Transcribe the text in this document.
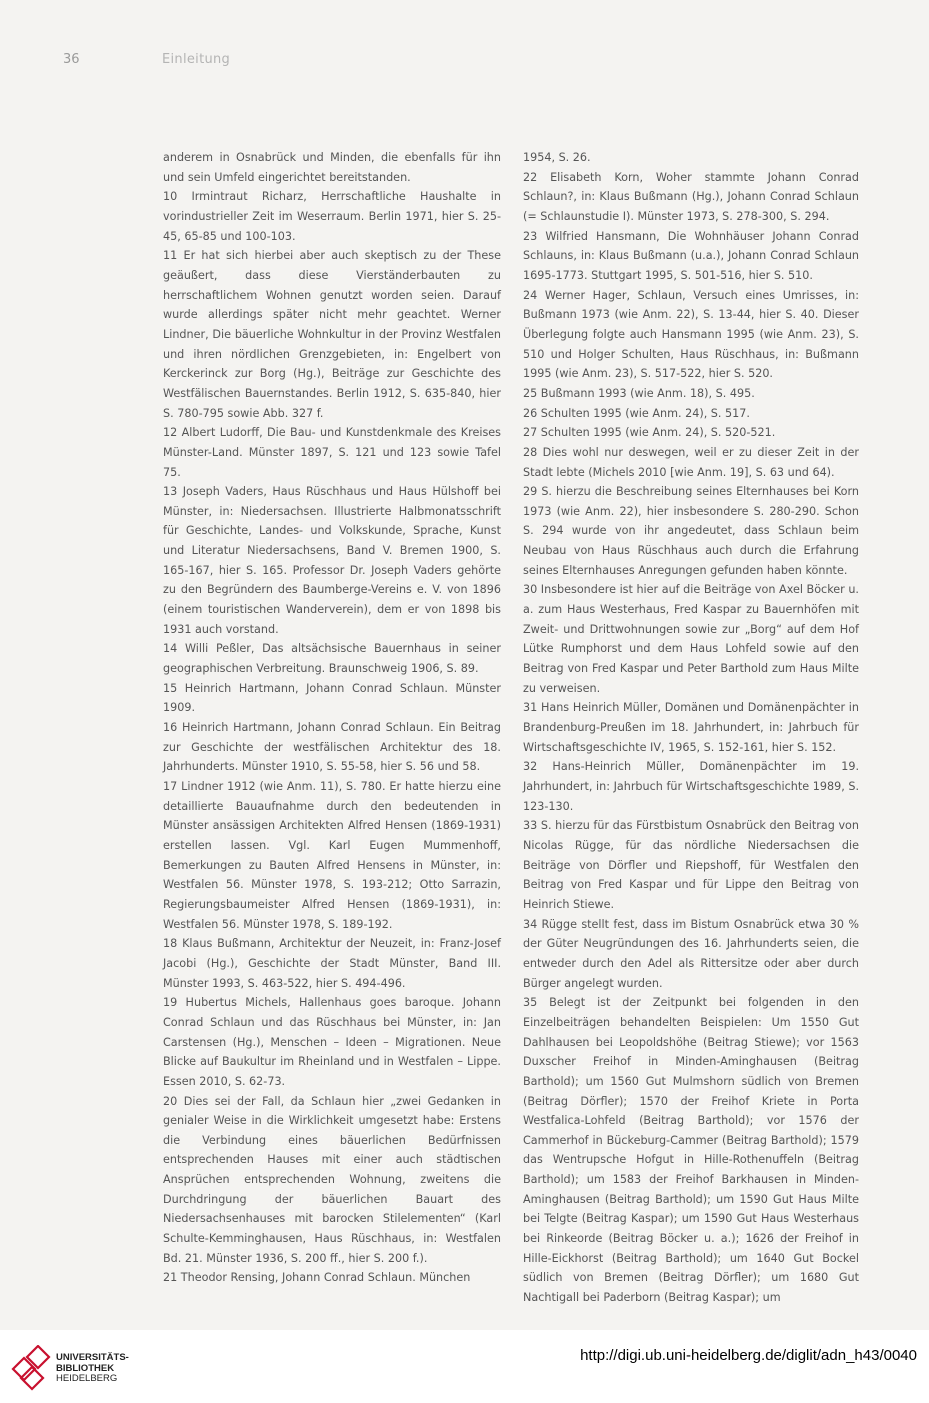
36	Einleitung

anderem in Osnabrück und Minden, die ebenfalls für ihn und sein Umfeld eingerichtet bereitstanden.

10 Irmintraut Richarz, Herrschaftliche Haushalte in vorindustrieller Zeit im Weserraum. Berlin 1971, hier S. 25-45, 65-85 und 100-103.

11 Er hat sich hierbei aber auch skeptisch zu der These geäußert, dass diese Vierständerbauten zu herrschaftlichem Wohnen genutzt worden seien. Darauf wurde allerdings später nicht mehr geachtet. Werner Lindner, Die bäuerliche Wohnkultur in der Provinz Westfalen und ihren nördlichen Grenzgebieten, in: Engelbert von Kerckerinck zur Borg (Hg.), Beiträge zur Geschichte des Westfälischen Bauernstandes. Berlin 1912, S. 635-840, hier S. 780-795 sowie Abb. 327 f.

12 Albert Ludorff, Die Bau- und Kunstdenkmale des Kreises Münster-Land. Münster 1897, S. 121 und 123 sowie Tafel 75.

13 Joseph Vaders, Haus Rüschhaus und Haus Hülshoff bei Münster, in: Niedersachsen. Illustrierte Halbmonatsschrift für Geschichte, Landes- und Volkskunde, Sprache, Kunst und Literatur Niedersachsens, Band V. Bremen 1900, S. 165-167, hier S. 165. Professor Dr. Joseph Vaders gehörte zu den Begründern des Baumberge-Vereins e. V. von 1896 (einem touristischen Wanderverein), dem er von 1898 bis 1931 auch vorstand.

14 Willi Peßler, Das altsächsische Bauernhaus in seiner geographischen Verbreitung. Braunschweig 1906, S. 89.

15 Heinrich Hartmann, Johann Conrad Schlaun. Münster 1909.

16 Heinrich Hartmann, Johann Conrad Schlaun. Ein Beitrag zur Geschichte der westfälischen Architektur des 18. Jahrhunderts. Münster 1910, S. 55-58, hier S. 56 und 58.

17 Lindner 1912 (wie Anm. 11), S. 780. Er hatte hierzu eine detaillierte Bauaufnahme durch den bedeutenden in Münster ansässigen Architekten Alfred Hensen (1869-1931) erstellen lassen. Vgl. Karl Eugen Mummenhoff, Bemerkungen zu Bauten Alfred Hensens in Münster, in: Westfalen 56. Münster 1978, S. 193-212; Otto Sarrazin, Regierungsbaumeister Alfred Hensen (1869-1931), in: Westfalen 56. Münster 1978, S. 189-192.

18 Klaus Bußmann, Architektur der Neuzeit, in: Franz-Josef Jacobi (Hg.), Geschichte der Stadt Münster, Band III. Münster 1993, S. 463-522, hier S. 494-496.

19 Hubertus Michels, Hallenhaus goes baroque. Johann Conrad Schlaun und das Rüschhaus bei Münster, in: Jan Carstensen (Hg.), Menschen – Ideen – Migrationen. Neue Blicke auf Baukultur im Rheinland und in Westfalen – Lippe. Essen 2010, S. 62-73.

20 Dies sei der Fall, da Schlaun hier „zwei Gedanken in genialer Weise in die Wirklichkeit umgesetzt habe: Erstens die Verbindung eines bäuerlichen Bedürfnissen entsprechenden Hauses mit einer auch städtischen Ansprüchen entsprechenden Wohnung, zweitens die Durchdringung der bäuerlichen Bauart des Niedersachsenhauses mit barocken Stilelementen“ (Karl Schulte-Kemminghausen, Haus Rüschhaus, in: Westfalen Bd. 21. Münster 1936, S. 200 ff., hier S. 200 f.).

21 Theodor Rensing, Johann Conrad Schlaun. München

1954, S. 26.

22 Elisabeth Korn, Woher stammte Johann Conrad Schlaun?, in: Klaus Bußmann (Hg.), Johann Conrad Schlaun (= Schlaunstudie I). Münster 1973, S. 278-300, S. 294.

23 Wilfried Hansmann, Die Wohnhäuser Johann Conrad Schlauns, in: Klaus Bußmann (u.a.), Johann Conrad Schlaun 1695-1773. Stuttgart 1995, S. 501-516, hier S. 510.

24 Werner Hager, Schlaun, Versuch eines Umrisses, in: Bußmann 1973 (wie Anm. 22), S. 13-44, hier S. 40. Dieser Überlegung folgte auch Hansmann 1995 (wie Anm. 23), S. 510 und Holger Schulten, Haus Rüschhaus, in: Bußmann 1995 (wie Anm. 23), S. 517-522, hier S. 520.

25 Bußmann 1993 (wie Anm. 18), S. 495.

26 Schulten 1995 (wie Anm. 24), S. 517.

27 Schulten 1995 (wie Anm. 24), S. 520-521.

28 Dies wohl nur deswegen, weil er zu dieser Zeit in der Stadt lebte (Michels 2010 [wie Anm. 19], S. 63 und 64).

29 S. hierzu die Beschreibung seines Elternhauses bei Korn 1973 (wie Anm. 22), hier insbesondere S. 280-290. Schon S. 294 wurde von ihr angedeutet, dass Schlaun beim Neubau von Haus Rüschhaus auch durch die Erfahrung seines Elternhauses Anregungen gefunden haben könnte.

30 Insbesondere ist hier auf die Beiträge von Axel Böcker u. a. zum Haus Westerhaus, Fred Kaspar zu Bauernhöfen mit Zweit- und Drittwohnungen sowie zur „Borg“ auf dem Hof Lütke Rumphorst und dem Haus Lohfeld sowie auf den Beitrag von Fred Kaspar und Peter Barthold zum Haus Milte zu verweisen.

31 Hans Heinrich Müller, Domänen und Domänenpächter in Brandenburg-Preußen im 18. Jahrhundert, in: Jahrbuch für Wirtschaftsgeschichte IV, 1965, S. 152-161, hier S. 152.

32 Hans-Heinrich Müller, Domänenpächter im 19. Jahrhundert, in: Jahrbuch für Wirtschaftsgeschichte 1989, S. 123-130.

33 S. hierzu für das Fürstbistum Osnabrück den Beitrag von Nicolas Rügge, für das nördliche Niedersachsen die Beiträge von Dörfler und Riepshoff, für Westfalen den Beitrag von Fred Kaspar und für Lippe den Beitrag von Heinrich Stiewe.

34 Rügge stellt fest, dass im Bistum Osnabrück etwa 30 % der Güter Neugründungen des 16. Jahrhunderts seien, die entweder durch den Adel als Rittersitze oder aber durch Bürger angelegt wurden.

35 Belegt ist der Zeitpunkt bei folgenden in den Einzelbeiträgen behandelten Beispielen: Um 1550 Gut Dahlhausen bei Leopoldshöhe (Beitrag Stiewe); vor 1563 Duxscher Freihof in Minden-Aminghausen (Beitrag Barthold); um 1560 Gut Mulmshorn südlich von Bremen (Beitrag Dörfler); 1570 der Freihof Kriete in Porta Westfalica-Lohfeld (Beitrag Barthold); vor 1576 der Cammerhof in Bückeburg-Cammer (Beitrag Barthold); 1579 das Wentrupsche Hofgut in Hille-Rothenuffeln (Beitrag Barthold); um 1583 der Freihof Barkhausen in Minden-Aminghausen (Beitrag Barthold); um 1590 Gut Haus Milte bei Telgte (Beitrag Kaspar); um 1590 Gut Haus Westerhaus bei Rinkeorde (Beitrag Böcker u. a.); 1626 der Freihof in Hille-Eickhorst (Beitrag Barthold); um 1640 Gut Bockel südlich von Bremen (Beitrag Dörfler); um 1680 Gut Nachtigall bei Paderborn (Beitrag Kaspar); um

UNIVERSITÄTS-
BIBLIOTHEK
HEIDELBERG
http://digi.ub.uni-heidelberg.de/diglit/adn_h43/0040
